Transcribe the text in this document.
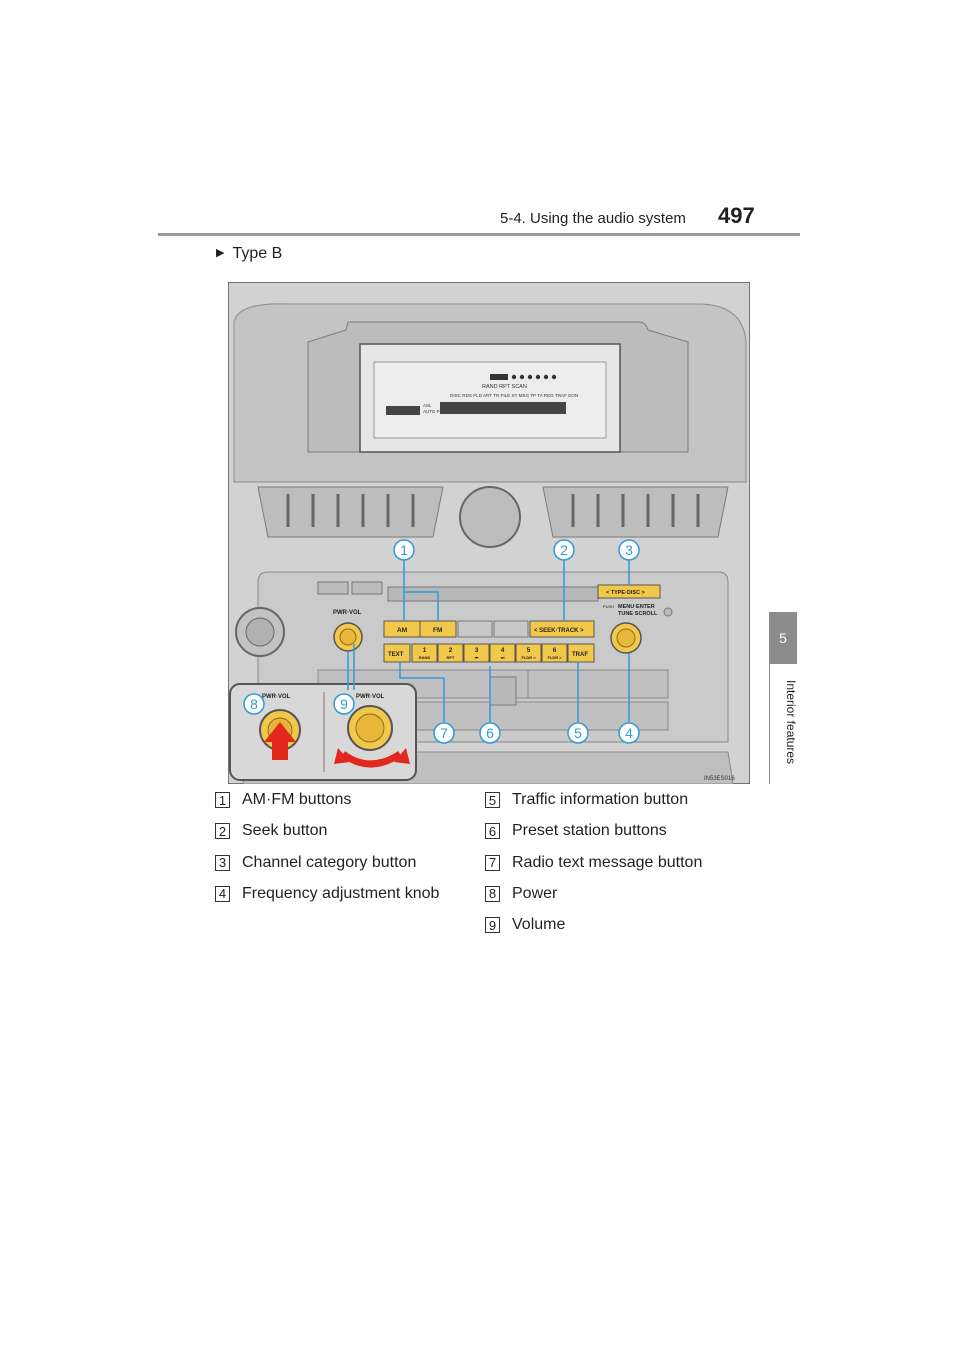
5-4. Using the audio system 497
5
Interior features
▶ Type B
RAND RPT SCAN
DISC RDS FLD ART TR FILE ST MSG TP TA REG TRAF EON
ASL
AUTO P
PWR·VOL
AM	FM	< SEEK·TRACK >
< TYPE·DISC >
PUSH MENU·ENTER
TUNE·SCROLL
TEXT	TRAF
1
RAND
2
RPT
3
⏮
4
⏭
5
FLDR <
6
FLDR >
IN53ES016
PWR·VOL	PWR·VOL
1	2	3
4
5
6
7
8	9
1 AM·FM buttons
2 Seek button
3 Channel category button
4 Frequency adjustment knob
5 Traffic information button
6 Preset station buttons
7 Radio text message button
8 Power
9 Volume
